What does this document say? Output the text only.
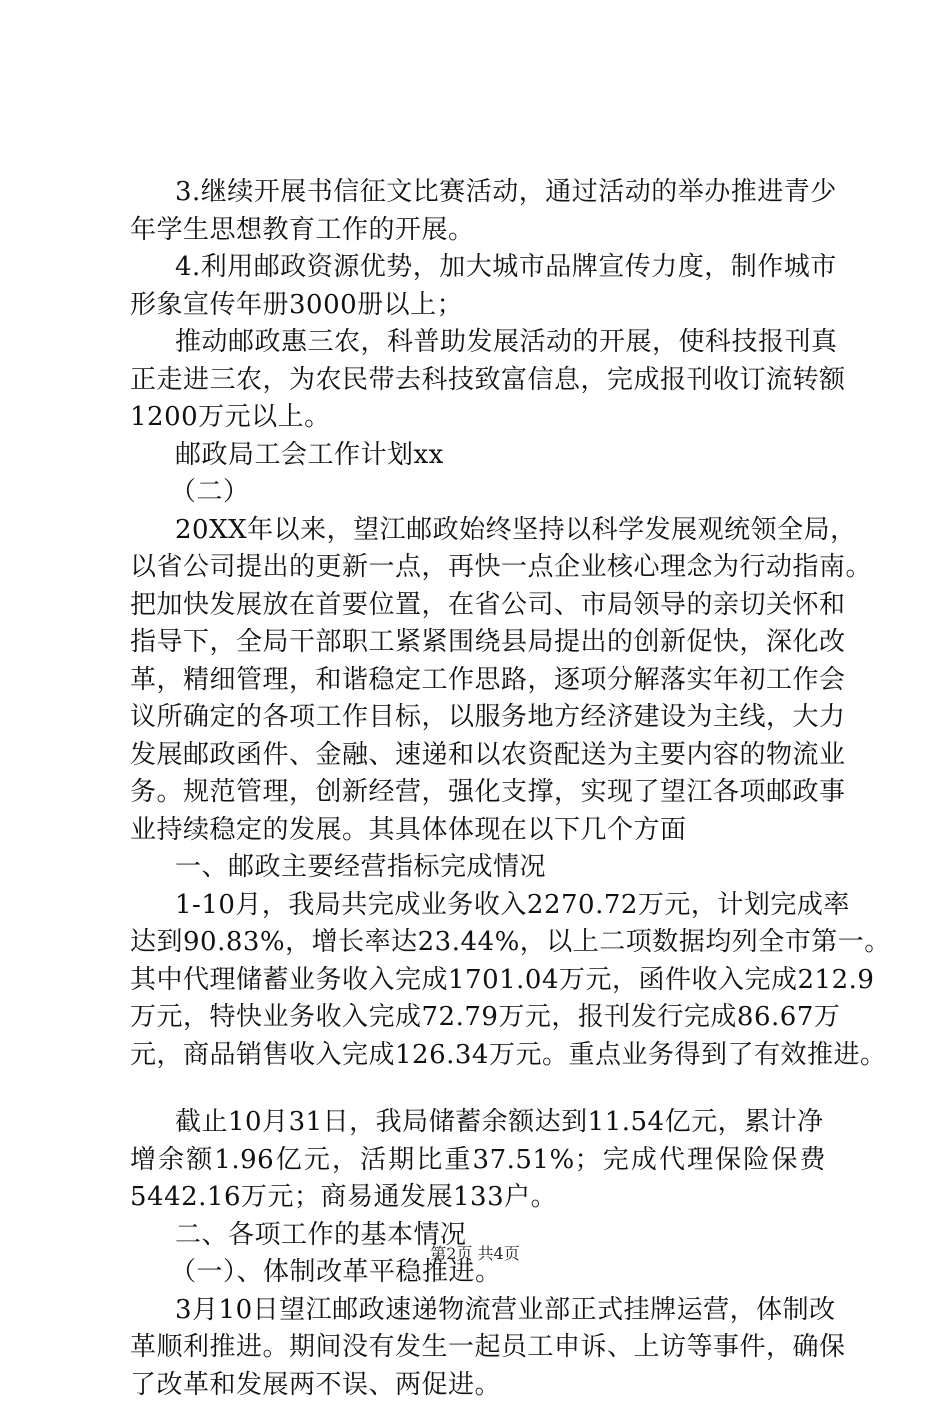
3.继续开展书信征文比赛活动，通过活动的举办推进青少
年学生思想教育工作的开展。
4.利用邮政资源优势，加大城市品牌宣传力度，制作城市
形象宣传年册3000册以上；
推动邮政惠三农，科普助发展活动的开展，使科技报刊真
正走进三农，为农民带去科技致富信息，完成报刊收订流转额
1200万元以上。
邮政局工会工作计划xx
（二）
20XX年以来，望江邮政始终坚持以科学发展观统领全局，
以省公司提出的更新一点，再快一点企业核心理念为行动指南。
把加快发展放在首要位置，在省公司、市局领导的亲切关怀和
指导下，全局干部职工紧紧围绕县局提出的创新促快，深化改
革，精细管理，和谐稳定工作思路，逐项分解落实年初工作会
议所确定的各项工作目标，以服务地方经济建设为主线，大力
发展邮政函件、金融、速递和以农资配送为主要内容的物流业
务。规范管理，创新经营，强化支撑，实现了望江各项邮政事
业持续稳定的发展。其具体体现在以下几个方面
一、邮政主要经营指标完成情况
1-10月，我局共完成业务收入2270.72万元，计划完成率
达到90.83%，增长率达23.44%，以上二项数据均列全市第一。
其中代理储蓄业务收入完成1701.04万元，函件收入完成212.9
万元，特快业务收入完成72.79万元，报刊发行完成86.67万
元，商品销售收入完成126.34万元。重点业务得到了有效推进。
截止10月31日，我局储蓄余额达到11.54亿元，累计净
增余额1.96亿元，活期比重37.51%；完成代理保险保费
5442.16万元；商易通发展133户。
二、各项工作的基本情况
（一）、体制改革平稳推进。
3月10日望江邮政速递物流营业部正式挂牌运营，体制改
革顺利推进。期间没有发生一起员工申诉、上访等事件，确保
了改革和发展两不误、两促进。
第2页 共4页
